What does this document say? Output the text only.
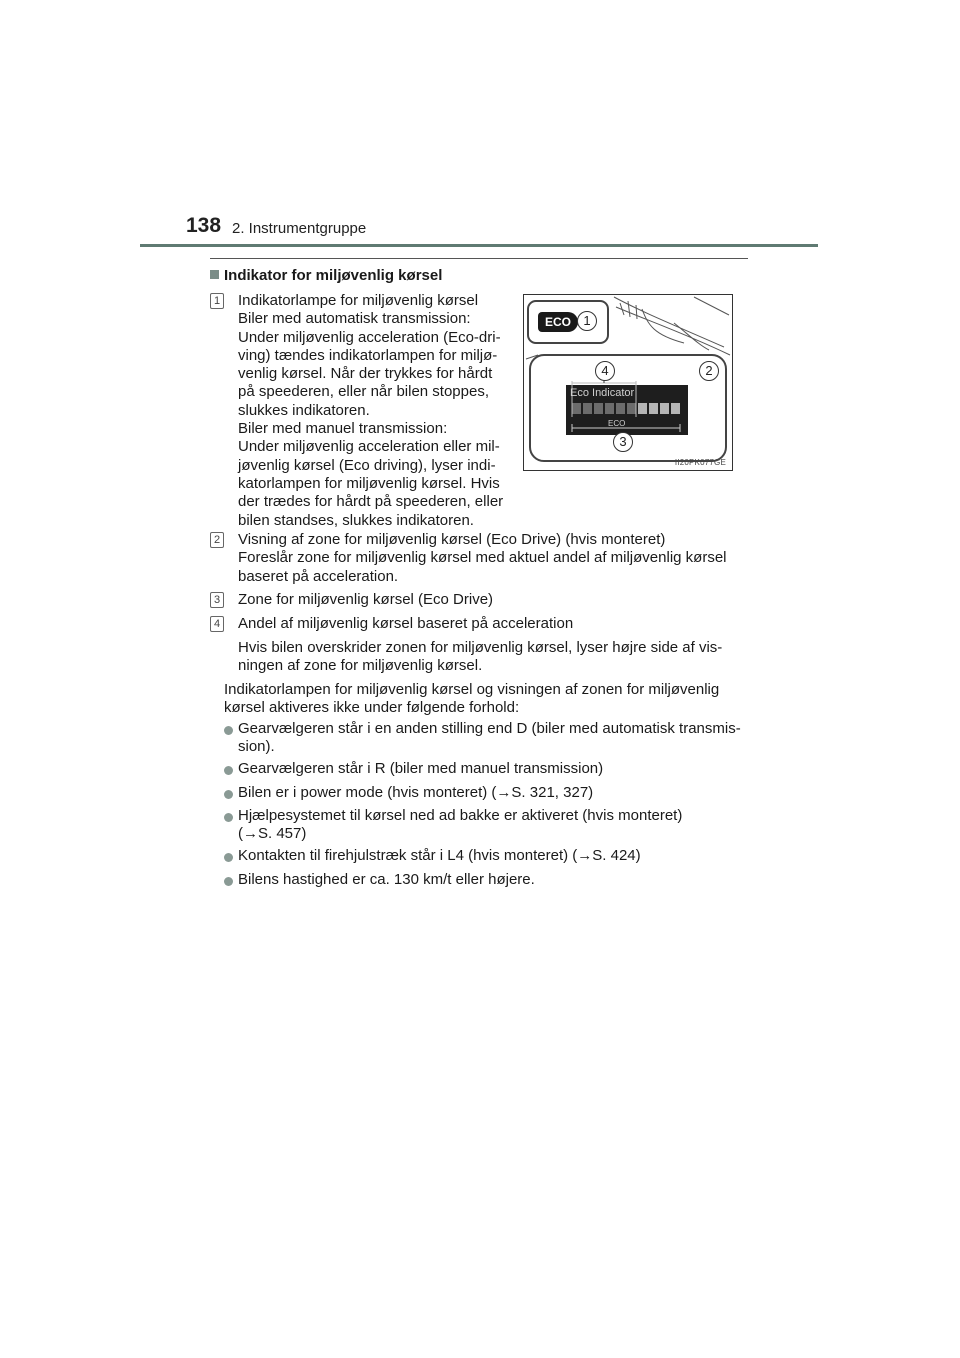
138 2. Instrumentgruppe
Indikator for miljøvenlig kørsel
1 Indikatorlampe for miljøvenlig kørsel
Biler med automatisk transmission:
Under miljøvenlig acceleration (Eco-dri-
ving) tændes indikatorlampen for miljø-
venlig kørsel. Når der trykkes for hårdt
på speederen, eller når bilen stoppes,
slukkes indikatoren.
Biler med manuel transmission:
Under miljøvenlig acceleration eller mil-
jøvenlig kørsel (Eco driving), lyser indi-
katorlampen for miljøvenlig kørsel. Hvis
der trædes for hårdt på speederen, eller
bilen standses, slukkes indikatoren.
ECO 1
2
3
4
Eco Indicator
ECO
II20PK077GE
2 Visning af zone for miljøvenlig kørsel (Eco Drive) (hvis monteret)
Foreslår zone for miljøvenlig kørsel med aktuel andel af miljøvenlig kørsel
baseret på acceleration.
3 Zone for miljøvenlig kørsel (Eco Drive)
4 Andel af miljøvenlig kørsel baseret på acceleration
Hvis bilen overskrider zonen for miljøvenlig kørsel, lyser højre side af vis-
ningen af zone for miljøvenlig kørsel.
Indikatorlampen for miljøvenlig kørsel og visningen af zonen for miljøvenlig
kørsel aktiveres ikke under følgende forhold:
Gearvælgeren står i en anden stilling end D (biler med automatisk transmis-
sion).
Gearvælgeren står i R (biler med manuel transmission)
Bilen er i power mode (hvis monteret) (→S. 321, 327)
Hjælpesystemet til kørsel ned ad bakke er aktiveret (hvis monteret)
(→S. 457)
Kontakten til firehjulstræk står i L4 (hvis monteret) (→S. 424)
Bilens hastighed er ca. 130 km/t eller højere.
